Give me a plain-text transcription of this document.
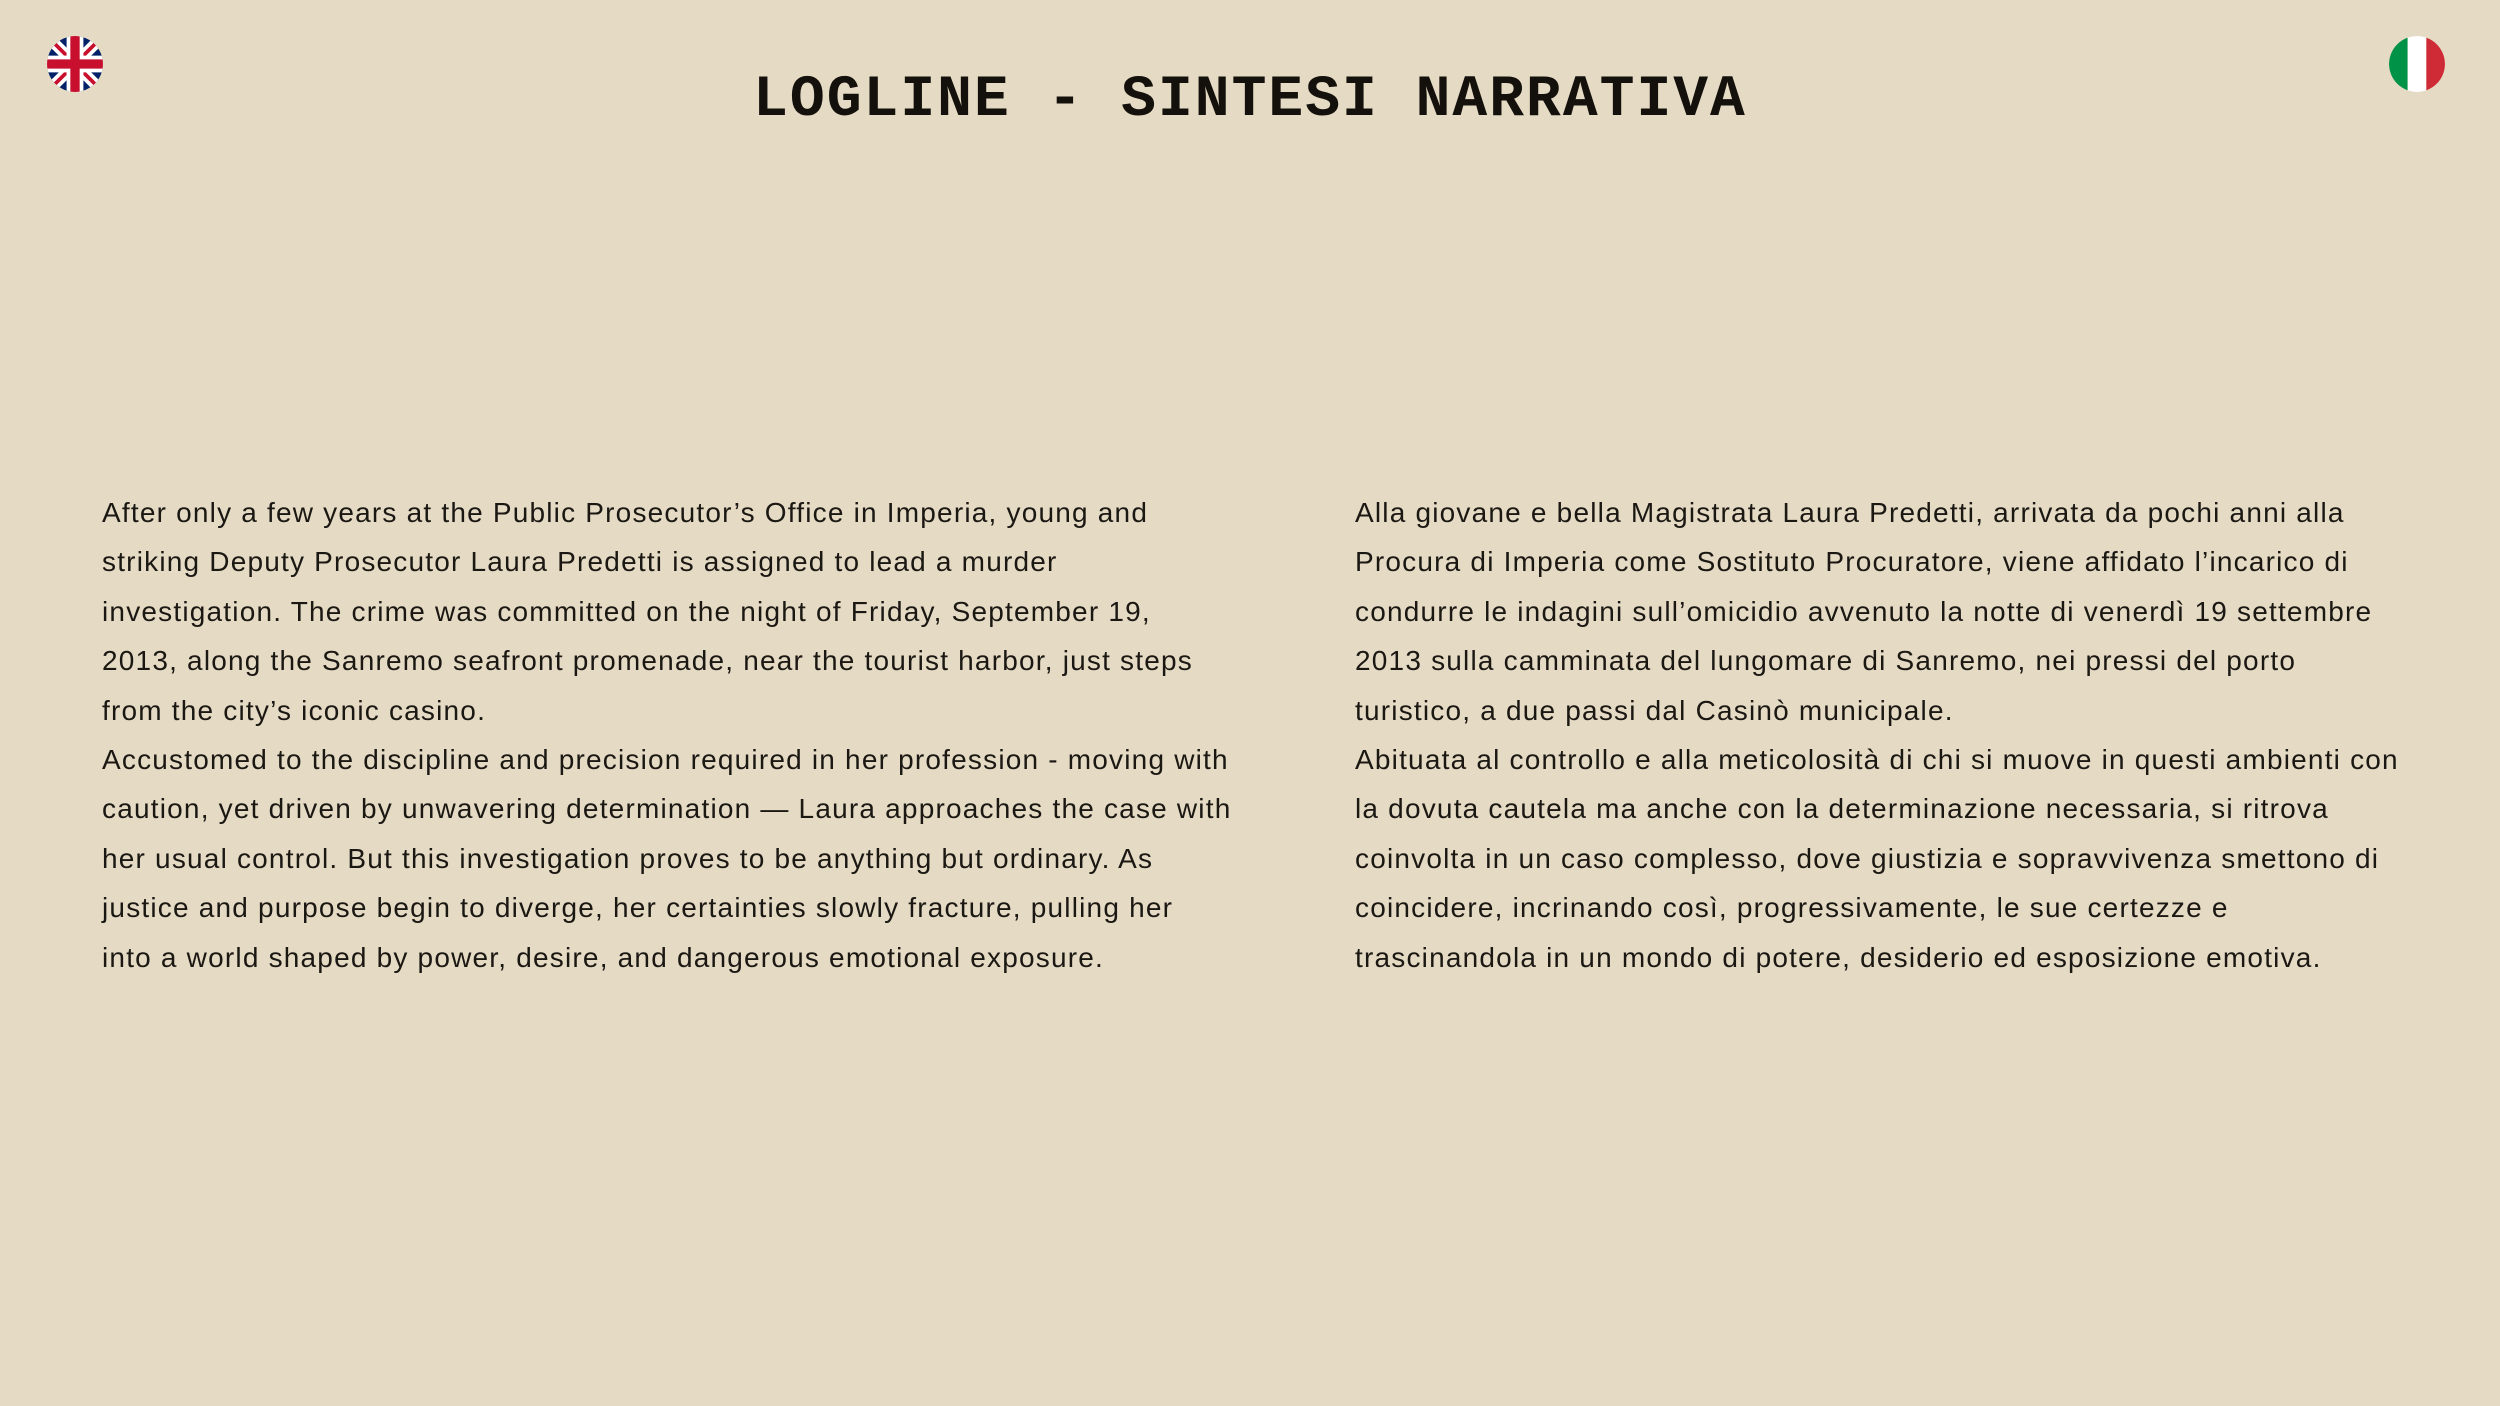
LOGLINE - SINTESI NARRATIVA

After only a few years at the Public Prosecutor’s Office in Imperia, young and striking Deputy Prosecutor Laura Predetti is assigned to lead a murder investigation. The crime was committed on the night of Friday, September 19, 2013, along the Sanremo seafront promenade, near the tourist harbor, just steps from the city’s iconic casino.

Accustomed to the discipline and precision required in her profession - moving with caution, yet driven by unwavering determination — Laura approaches the case with her usual control. But this investigation proves to be anything but ordinary. As justice and purpose begin to diverge, her certainties slowly fracture, pulling her into a world shaped by power, desire, and dangerous emotional exposure.

Alla giovane e bella Magistrata Laura Predetti, arrivata da pochi anni alla Procura di Imperia come Sostituto Procuratore, viene affidato l’incarico di condurre le indagini sull’omicidio avvenuto la notte di venerdì 19 settembre 2013 sulla camminata del lungomare di Sanremo, nei pressi del porto turistico, a due passi dal Casinò municipale.

Abituata al controllo e alla meticolosità di chi si muove in questi ambienti con la dovuta cautela ma anche con la determinazione necessaria, si ritrova coinvolta in un caso complesso, dove giustizia e sopravvivenza smettono di coincidere, incrinando così, progressivamente, le sue certezze e trascinandola in un mondo di potere, desiderio ed esposizione emotiva.
